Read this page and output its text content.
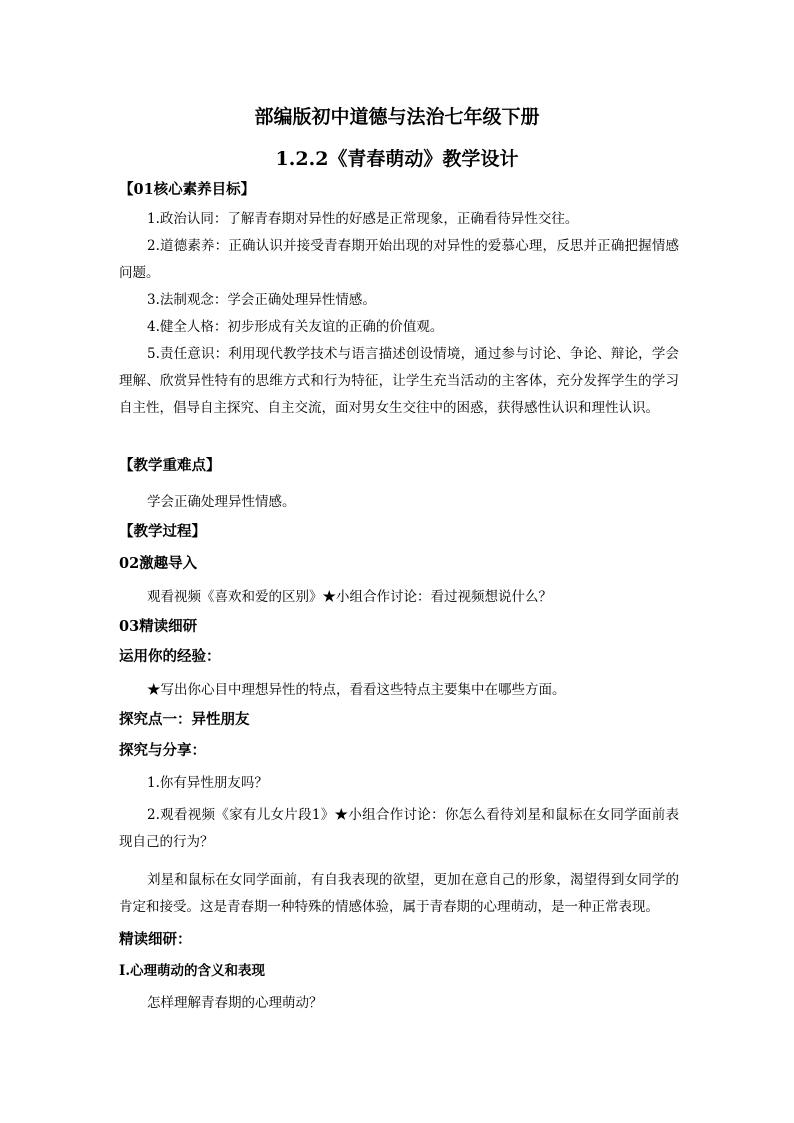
部编版初中道德与法治七年级下册
1.2.2《青春萌动》教学设计
【01核心素养目标】
1.政治认同：了解青春期对异性的好感是正常现象，正确看待异性交往。
2.道德素养：正确认识并接受青春期开始出现的对异性的爱慕心理，反思并正确把握情感问题。
3.法制观念：学会正确处理异性情感。
4.健全人格：初步形成有关友谊的正确的价值观。
5.责任意识：利用现代教学技术与语言描述创设情境，通过参与讨论、争论、辩论，学会理解、欣赏异性特有的思维方式和行为特征，让学生充当活动的主客体，充分发挥学生的学习自主性，倡导自主探究、自主交流，面对男女生交往中的困惑，获得感性认识和理性认识。
【教学重难点】
学会正确处理异性情感。
【教学过程】
02激趣导入
观看视频《喜欢和爱的区别》★小组合作讨论：看过视频想说什么？
03精读细研
运用你的经验：
★写出你心目中理想异性的特点，看看这些特点主要集中在哪些方面。
探究点一：异性朋友
探究与分享：
1.你有异性朋友吗？
2.观看视频《家有儿女片段1》★小组合作讨论：你怎么看待刘星和鼠标在女同学面前表现自己的行为？
刘星和鼠标在女同学面前，有自我表现的欲望，更加在意自己的形象，渴望得到女同学的肯定和接受。这是青春期一种特殊的情感体验，属于青春期的心理萌动，是一种正常表现。
精读细研：
Ⅰ.心理萌动的含义和表现
怎样理解青春期的心理萌动？
